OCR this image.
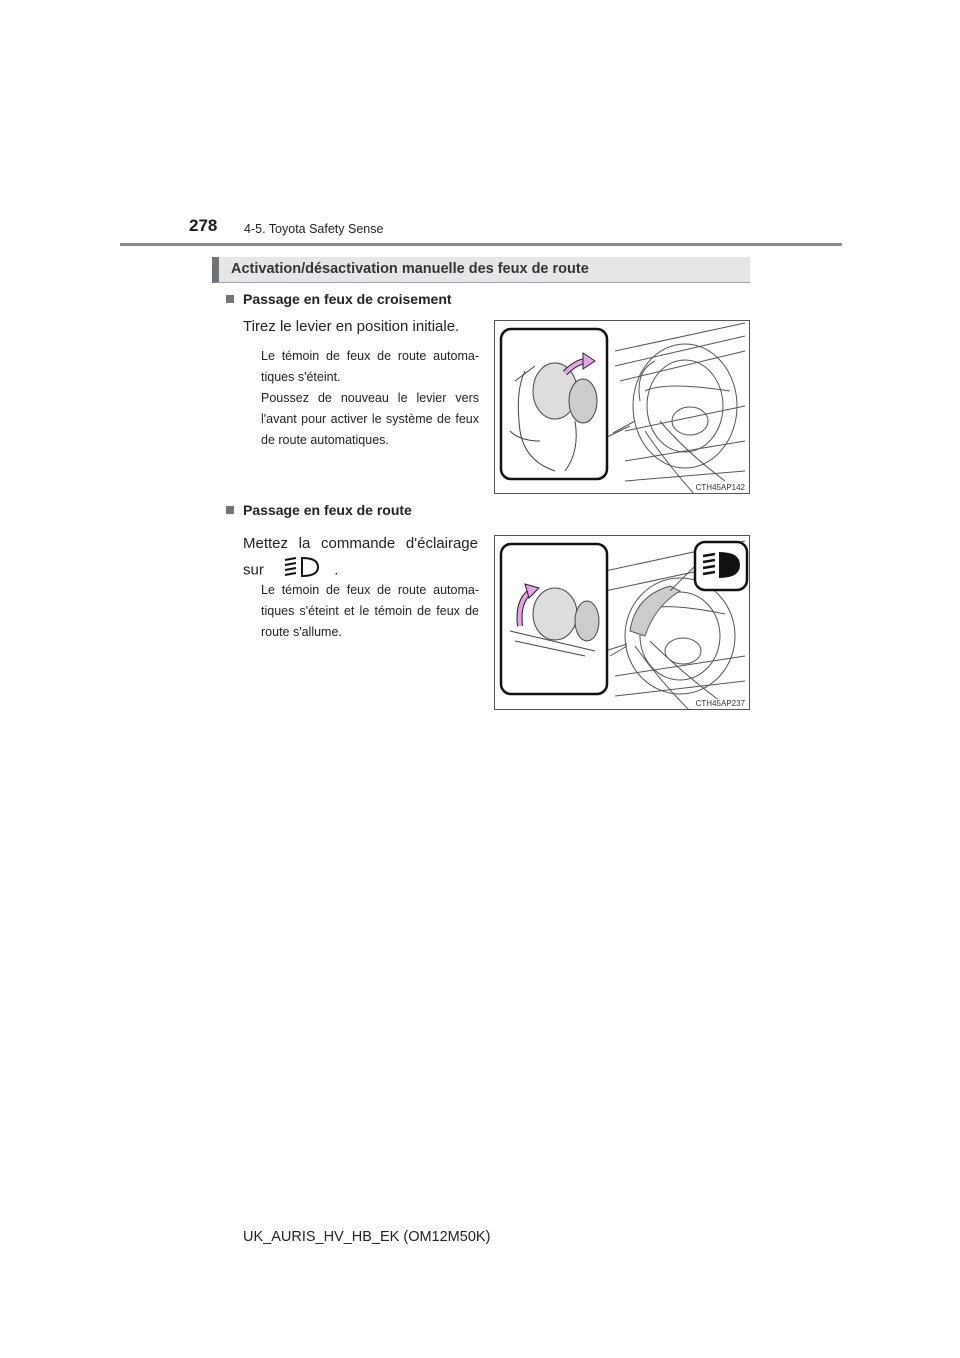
278 4-5. Toyota Safety Sense
Activation/désactivation manuelle des feux de route
Passage en feux de croisement
Tirez le levier en position initiale.
Le témoin de feux de route automa-tiques s'éteint.
Poussez de nouveau le levier vers l'avant pour activer le système de feux de route automatiques.
CTH45AP142
Passage en feux de route
Mettez la commande d'éclairage sur	.
Le témoin de feux de route automa-tiques s'éteint et le témoin de feux de route s'allume.
CTH45AP237
UK_AURIS_HV_HB_EK (OM12M50K)
